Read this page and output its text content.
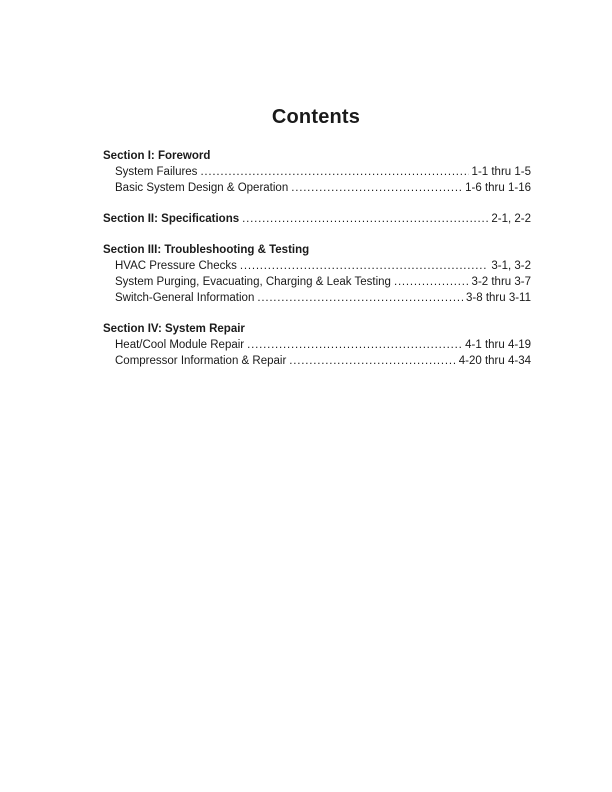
Contents
Section I: Foreword
System Failures . . .	1-1 thru 1-5
Basic System Design & Operation . . .	1-6 thru 1-16
Section II: Specifications . . .	2-1, 2-2
Section III: Troubleshooting & Testing
HVAC Pressure Checks . . .	3-1, 3-2
System Purging, Evacuating, Charging & Leak Testing . . .	3-2 thru 3-7
Switch-General Information . . .	3-8 thru 3-11
Section IV: System Repair
Heat/Cool Module Repair . . .	4-1 thru 4-19
Compressor Information & Repair . . .	4-20 thru 4-34
